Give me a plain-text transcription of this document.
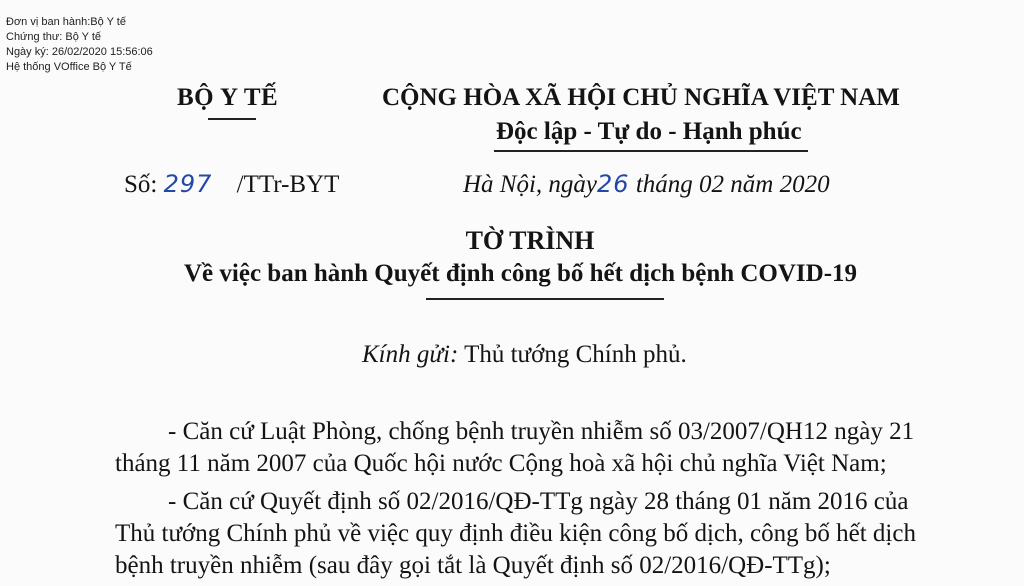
Đơn vị ban hành:Bộ Y tế
Chứng thư: Bộ Y tế
Ngày ký: 26/02/2020 15:56:06
Hệ thống VOffice Bộ Y Tế
BỘ Y TẾ	CỘNG HÒA XÃ HỘI CHỦ NGHĨA VIỆT NAM
Độc lập - Tự do - Hạnh phúc
Số: 297 /TTr-BYT	Hà Nội, ngày26 tháng 02 năm 2020
TỜ TRÌNH
Về việc ban hành Quyết định công bố hết dịch bệnh COVID-19
Kính gửi: Thủ tướng Chính phủ.
- Căn cứ Luật Phòng, chống bệnh truyền nhiễm số 03/2007/QH12 ngày 21
tháng 11 năm 2007 của Quốc hội nước Cộng hoà xã hội chủ nghĩa Việt Nam;
- Căn cứ Quyết định số 02/2016/QĐ-TTg ngày 28 tháng 01 năm 2016 của
Thủ tướng Chính phủ về việc quy định điều kiện công bố dịch, công bố hết dịch
bệnh truyền nhiễm (sau đây gọi tắt là Quyết định số 02/2016/QĐ-TTg);
